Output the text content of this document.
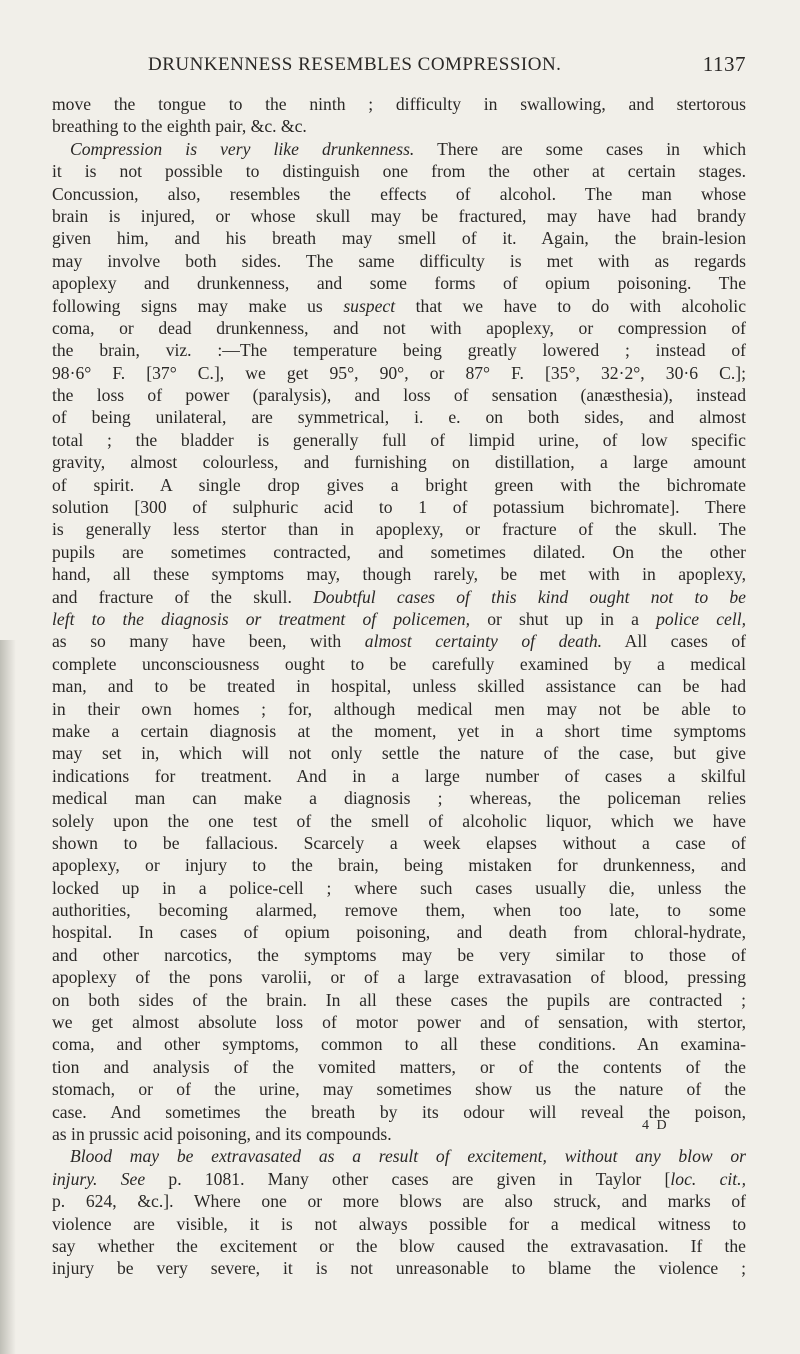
DRUNKENNESS RESEMBLES COMPRESSION.	1137
move the tongue to the ninth ; difficulty in swallowing, and stertorous
breathing to the eighth pair, &c. &c.
Compression is very like drunkenness. There are some cases in which
it is not possible to distinguish one from the other at certain stages.
Concussion, also, resembles the effects of alcohol. The man whose
brain is injured, or whose skull may be fractured, may have had brandy
given him, and his breath may smell of it. Again, the brain-lesion
may involve both sides. The same difficulty is met with as regards
apoplexy and drunkenness, and some forms of opium poisoning. The
following signs may make us suspect that we have to do with alcoholic
coma, or dead drunkenness, and not with apoplexy, or compression of
the brain, viz. :—The temperature being greatly lowered ; instead of
98·6° F. [37° C.], we get 95°, 90°, or 87° F. [35°, 32·2°, 30·6 C.];
the loss of power (paralysis), and loss of sensation (anæsthesia), instead
of being unilateral, are symmetrical, i. e. on both sides, and almost
total ; the bladder is generally full of limpid urine, of low specific
gravity, almost colourless, and furnishing on distillation, a large amount
of spirit. A single drop gives a bright green with the bichromate
solution [300 of sulphuric acid to 1 of potassium bichromate]. There
is generally less stertor than in apoplexy, or fracture of the skull. The
pupils are sometimes contracted, and sometimes dilated. On the other
hand, all these symptoms may, though rarely, be met with in apoplexy,
and fracture of the skull. Doubtful cases of this kind ought not to be
left to the diagnosis or treatment of policemen, or shut up in a police cell,
as so many have been, with almost certainty of death. All cases of
complete unconsciousness ought to be carefully examined by a medical
man, and to be treated in hospital, unless skilled assistance can be had
in their own homes ; for, although medical men may not be able to
make a certain diagnosis at the moment, yet in a short time symptoms
may set in, which will not only settle the nature of the case, but give
indications for treatment. And in a large number of cases a skilful
medical man can make a diagnosis ; whereas, the policeman relies
solely upon the one test of the smell of alcoholic liquor, which we have
shown to be fallacious. Scarcely a week elapses without a case of
apoplexy, or injury to the brain, being mistaken for drunkenness, and
locked up in a police-cell ; where such cases usually die, unless the
authorities, becoming alarmed, remove them, when too late, to some
hospital. In cases of opium poisoning, and death from chloral-hydrate,
and other narcotics, the symptoms may be very similar to those of
apoplexy of the pons varolii, or of a large extravasation of blood, pressing
on both sides of the brain. In all these cases the pupils are contracted ;
we get almost absolute loss of motor power and of sensation, with stertor,
coma, and other symptoms, common to all these conditions. An examina-
tion and analysis of the vomited matters, or of the contents of the
stomach, or of the urine, may sometimes show us the nature of the
case. And sometimes the breath by its odour will reveal the poison,
as in prussic acid poisoning, and its compounds.
Blood may be extravasated as a result of excitement, without any blow or
injury. See p. 1081. Many other cases are given in Taylor [loc. cit.,
p. 624, &c.]. Where one or more blows are also struck, and marks of
violence are visible, it is not always possible for a medical witness to
say whether the excitement or the blow caused the extravasation. If the
injury be very severe, it is not unreasonable to blame the violence ;
4 D
